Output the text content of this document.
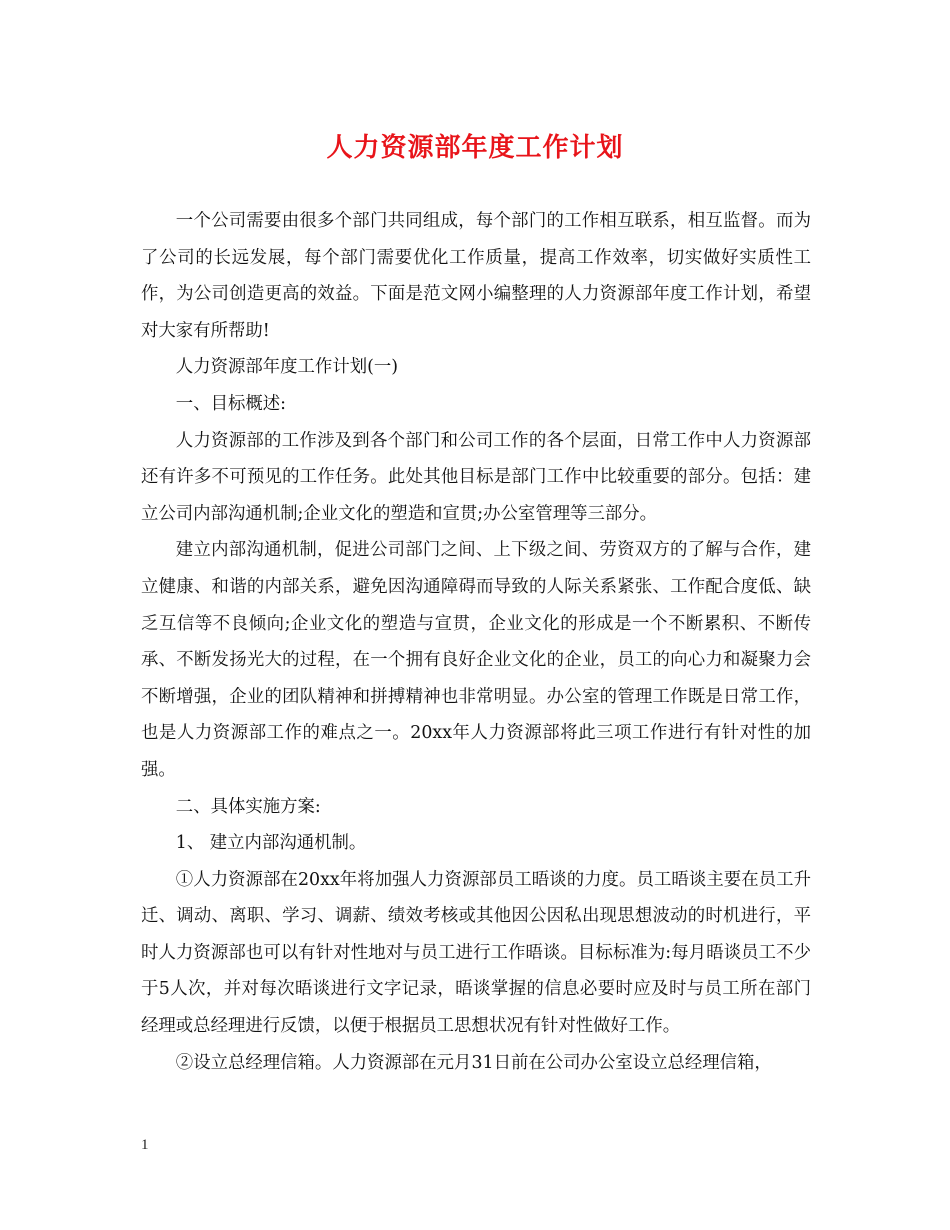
人力资源部年度工作计划

一个公司需要由很多个部门共同组成，每个部门的工作相互联系，相互监督。而为了公司的长远发展，每个部门需要优化工作质量，提高工作效率，切实做好实质性工作，为公司创造更高的效益。下面是范文网小编整理的人力资源部年度工作计划，希望对大家有所帮助!

人力资源部年度工作计划(一)

一、目标概述:

人力资源部的工作涉及到各个部门和公司工作的各个层面，日常工作中人力资源部还有许多不可预见的工作任务。此处其他目标是部门工作中比较重要的部分。包括：建立公司内部沟通机制;企业文化的塑造和宣贯;办公室管理等三部分。

建立内部沟通机制，促进公司部门之间、上下级之间、劳资双方的了解与合作，建立健康、和谐的内部关系，避免因沟通障碍而导致的人际关系紧张、工作配合度低、缺乏互信等不良倾向;企业文化的塑造与宣贯，企业文化的形成是一个不断累积、不断传承、不断发扬光大的过程，在一个拥有良好企业文化的企业，员工的向心力和凝聚力会不断增强，企业的团队精神和拼搏精神也非常明显。办公室的管理工作既是日常工作，也是人力资源部工作的难点之一。20xx年人力资源部将此三项工作进行有针对性的加强。

二、具体实施方案:

1、 建立内部沟通机制。

①人力资源部在20xx年将加强人力资源部员工晤谈的力度。员工晤谈主要在员工升迁、调动、离职、学习、调薪、绩效考核或其他因公因私出现思想波动的时机进行，平时人力资源部也可以有针对性地对与员工进行工作晤谈。目标标准为:每月晤谈员工不少于5人次，并对每次晤谈进行文字记录，晤谈掌握的信息必要时应及时与员工所在部门经理或总经理进行反馈，以便于根据员工思想状况有针对性做好工作。

②设立总经理信箱。人力资源部在元月31日前在公司办公室设立总经理信箱，

1
